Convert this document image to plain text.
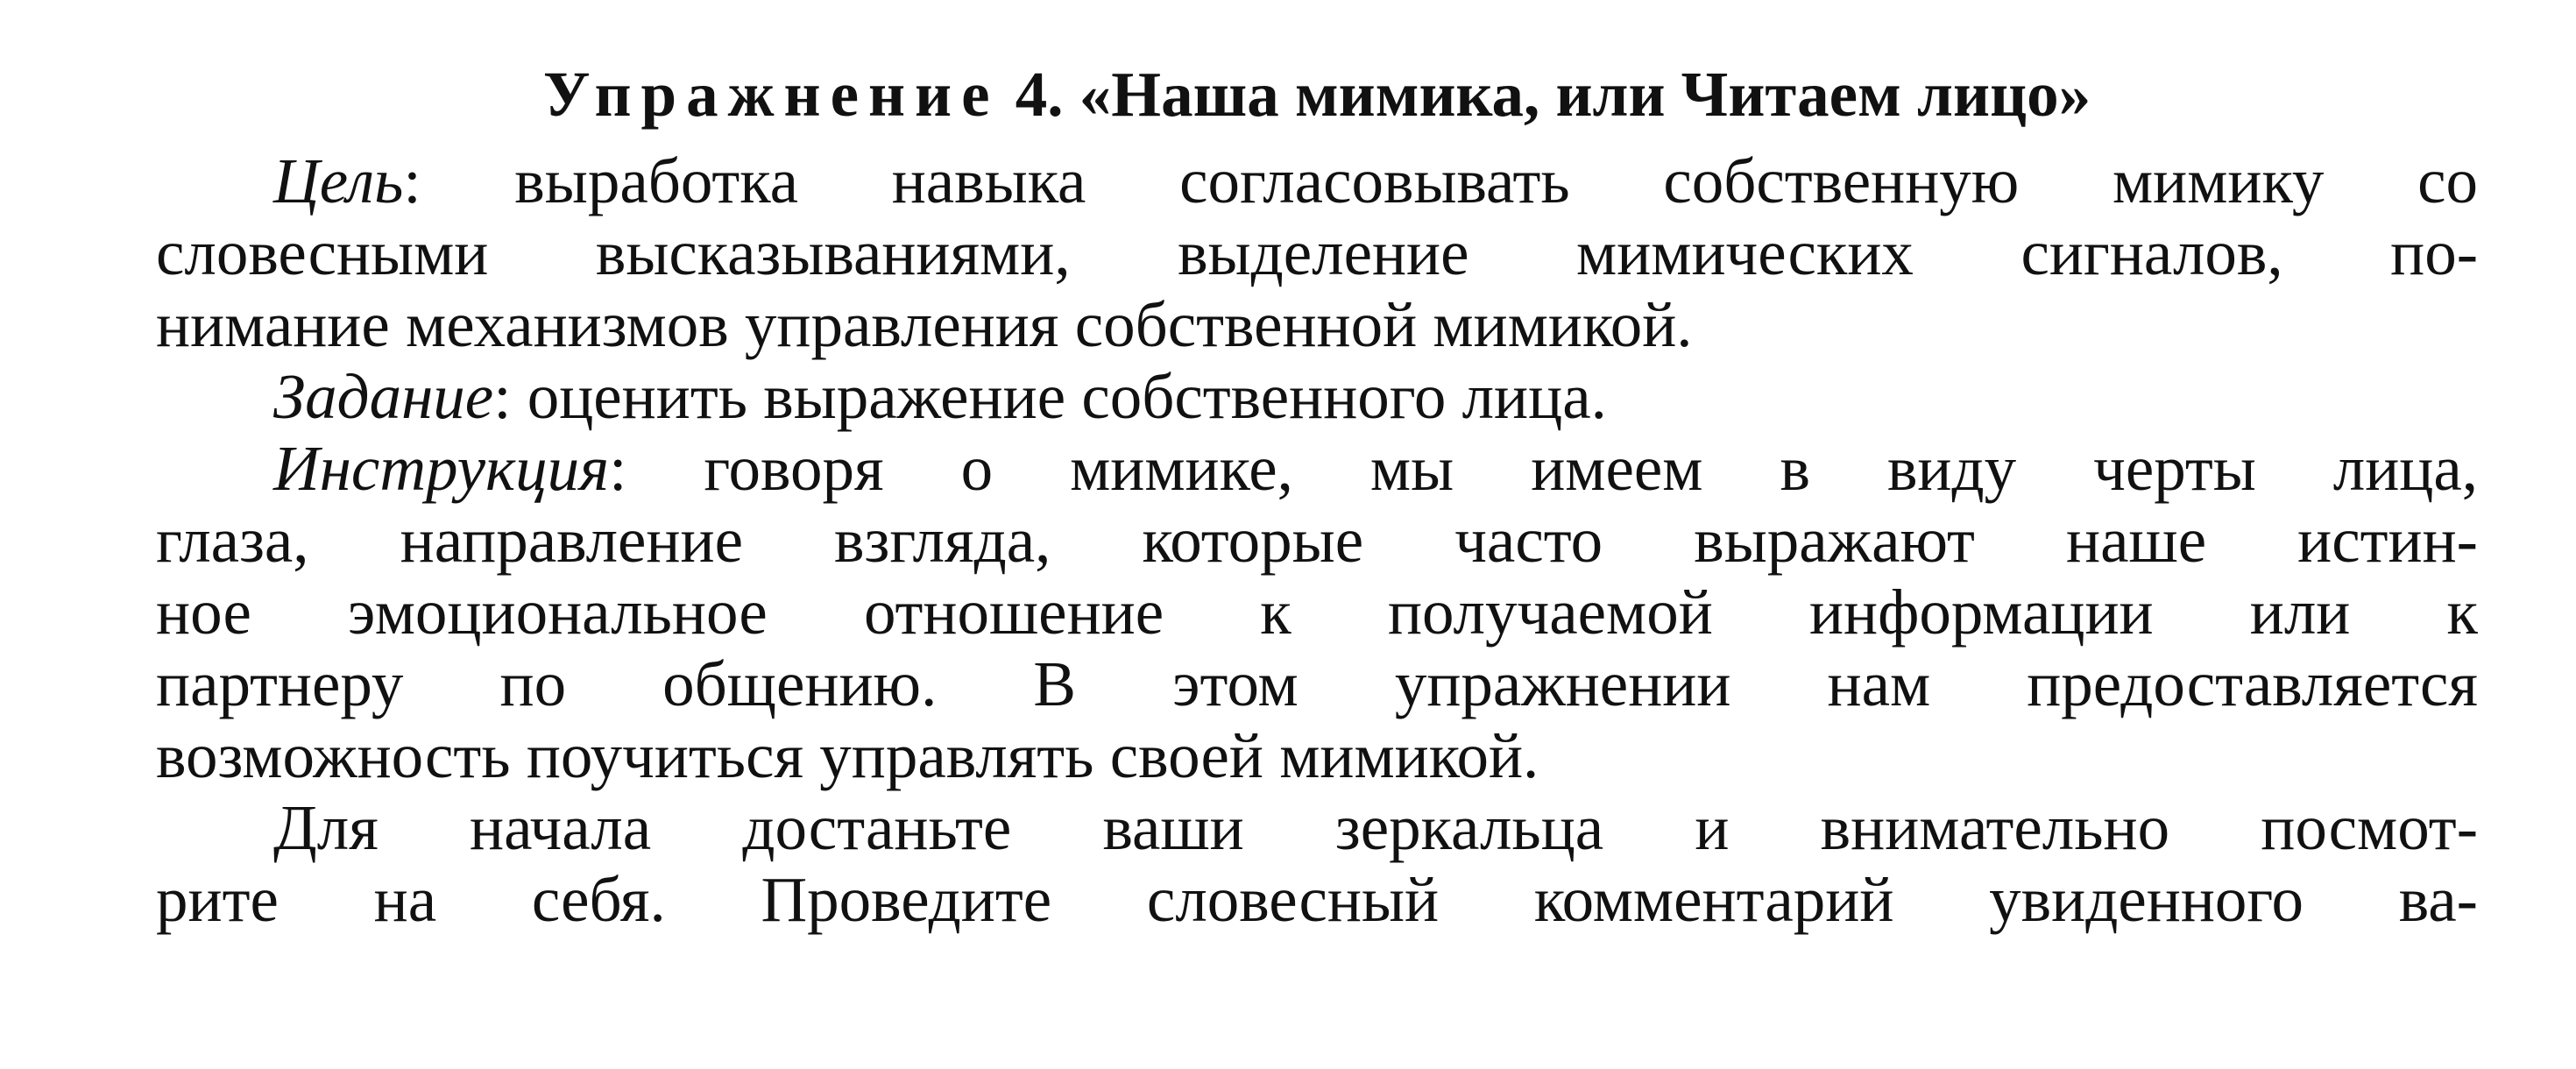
Упражнение 4. «Наша мимика, или Читаем лицо»
Цель: выработка навыка согласовывать собственную мимику со
словесными высказываниями, выделение мимических сигналов, по-
нимание механизмов управления собственной мимикой.
Задание: оценить выражение собственного лица.
Инструкция: говоря о мимике, мы имеем в виду черты лица,
глаза, направление взгляда, которые часто выражают наше истин-
ное эмоциональное отношение к получаемой информации или к
партнеру по общению. В этом упражнении нам предоставляется
возможность поучиться управлять своей мимикой.
Для начала достаньте ваши зеркальца и внимательно посмот-
рите на себя. Проведите словесный комментарий увиденного ва-
